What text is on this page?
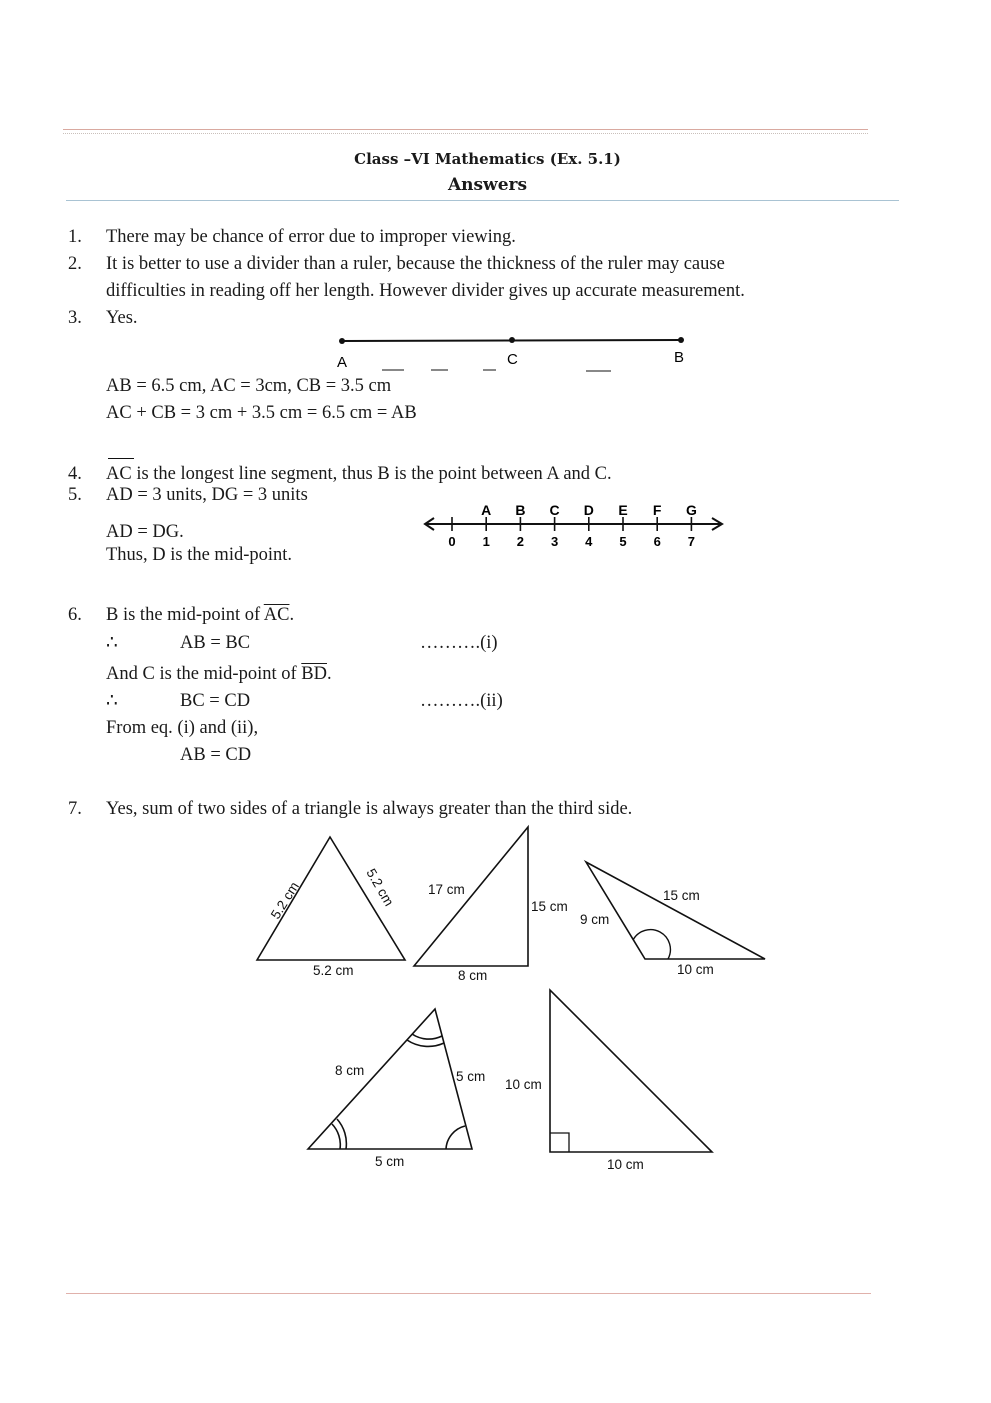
Class –VI Mathematics (Ex. 5.1)
Answers
1. There may be chance of error due to improper viewing.
2. It is better to use a divider than a ruler, because the thickness of the ruler may cause
difficulties in reading off her length. However divider gives up accurate measurement.
3. Yes.
A	C	B
AB = 6.5 cm, AC = 3cm, CB = 3.5 cm
AC + CB = 3 cm + 3.5 cm = 6.5 cm = AB
4. AC is the longest line segment, thus B is the point between A and C.
5. AD = 3 units, DG = 3 units
AD = DG.
Thus, D is the mid-point.
A B C D E F G
0 1 2 3 4 5 6 7
6. B is the mid-point of $\overline{AC}$.
∴	AB = BC	……….(i)
And C is the mid-point of $\overline{BD}$.
∴	BC = CD	……….(ii)
From eq. (i) and (ii),
AB = CD
7. Yes, sum of two sides of a triangle is always greater than the third side.
5.2 cm	5.2 cm
5.2 cm
17 cm
15 cm
8 cm
15 cm
9 cm
10 cm
8 cm	5 cm
5 cm
10 cm
10 cm
